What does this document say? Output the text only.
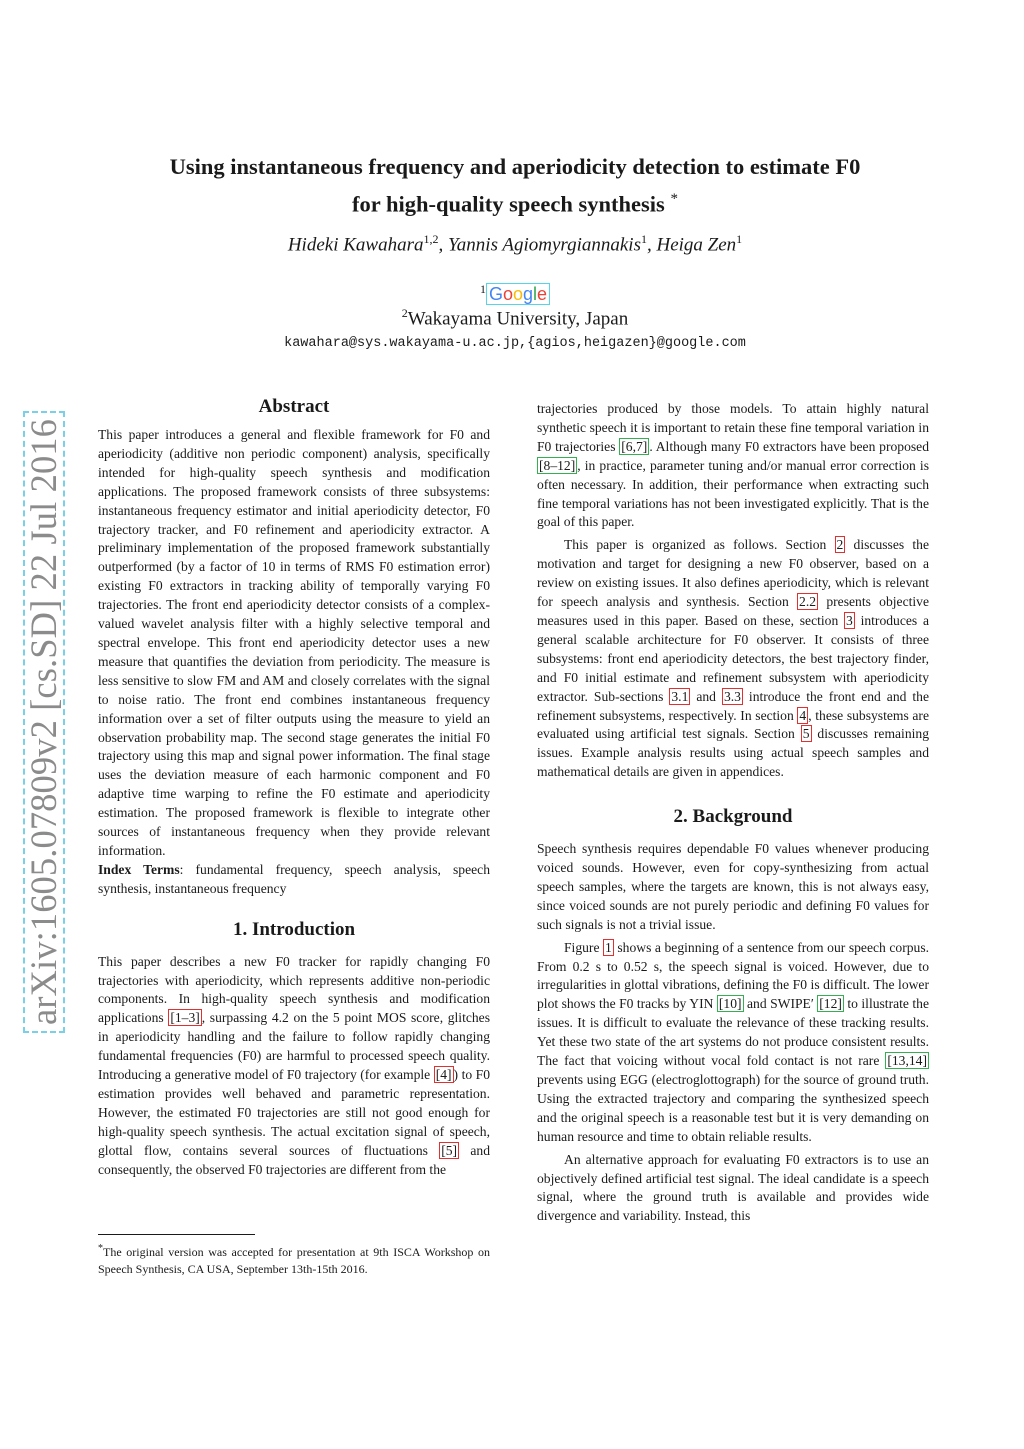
arXiv:1605.07809v2 [cs.SD] 22 Jul 2016
Using instantaneous frequency and aperiodicity detection to estimate F0
for high-quality speech synthesis *
Hideki Kawahara$^{1,2}$, Yannis Agiomyrgiannakis$^1$, Heiga Zen$^1$
$^1$ Google
$^2$Wakayama University, Japan
kawahara@sys.wakayama-u.ac.jp,{agios,heigazen}@google.com
Abstract

This paper introduces a general and flexible framework for F0 and aperiodicity (additive non periodic component) analysis, specifically intended for high-quality speech synthesis and modification applications. The proposed framework consists of three subsystems: instantaneous frequency estimator and initial aperiodicity detector, F0 trajectory tracker, and F0 refinement and aperiodicity extractor. A preliminary implementation of the proposed framework substantially outperformed (by a factor of 10 in terms of RMS F0 estimation error) existing F0 extractors in tracking ability of temporally varying F0 trajectories. The front end aperiodicity detector consists of a complex-valued wavelet analysis filter with a highly selective temporal and spectral envelope. This front end aperiodicity detector uses a new measure that quantifies the deviation from periodicity. The measure is less sensitive to slow FM and AM and closely correlates with the signal to noise ratio. The front end combines instantaneous frequency information over a set of filter outputs using the measure to yield an observation probability map. The second stage generates the initial F0 trajectory using this map and signal power information. The final stage uses the deviation measure of each harmonic component and F0 adaptive time warping to refine the F0 estimate and aperiodicity estimation. The proposed framework is flexible to integrate other sources of instantaneous frequency when they provide relevant information.

Index Terms: fundamental frequency, speech analysis, speech synthesis, instantaneous frequency

1. Introduction

This paper describes a new F0 tracker for rapidly changing F0 trajectories with aperiodicity, which represents additive non-periodic components. In high-quality speech synthesis and modification applications [1–3] , surpassing 4.2 on the 5 point MOS score, glitches in aperiodicity handling and the failure to follow rapidly changing fundamental frequencies (F0) are harmful to processed speech quality. Introducing a generative model of F0 trajectory (for example [4] ) to F0 estimation provides well behaved and parametric representation. However, the estimated F0 trajectories are still not good enough for high-quality speech synthesis. The actual excitation signal of speech, glottal flow, contains several sources of fluctuations [5] and consequently, the observed F0 trajectories are different from the

trajectories produced by those models. To attain highly natural synthetic speech it is important to retain these fine temporal variation in F0 trajectories [6,7] . Although many F0 extractors have been proposed [8–12] , in practice, parameter tuning and/or manual error correction is often necessary. In addition, their performance when extracting such fine temporal variations has not been investigated explicitly. That is the goal of this paper.

This paper is organized as follows. Section 2 discusses the motivation and target for designing a new F0 observer, based on a review on existing issues. It also defines aperiodicity, which is relevant for speech analysis and synthesis. Section 2.2 presents objective measures used in this paper. Based on these, section 3 introduces a general scalable architecture for F0 observer. It consists of three subsystems: front end aperiodicity detectors, the best trajectory finder, and F0 initial estimate and refinement subsystem with aperiodicity extractor. Sub-sections 3.1 and 3.3 introduce the front end and the refinement subsystems, respectively. In section 4 , these subsystems are evaluated using artificial test signals. Section 5 discusses remaining issues. Example analysis results using actual speech samples and mathematical details are given in appendices.

2. Background

Speech synthesis requires dependable F0 values whenever producing voiced sounds. However, even for copy-synthesizing from actual speech samples, where the targets are known, this is not always easy, since voiced sounds are not purely periodic and defining F0 values for such signals is not a trivial issue.

Figure 1 shows a beginning of a sentence from our speech corpus. From 0.2 s to 0.52 s, the speech signal is voiced. However, due to irregularities in glottal vibrations, defining the F0 is difficult. The lower plot shows the F0 tracks by YIN [10] and SWIPE′ [12] to illustrate the issues. It is difficult to evaluate the relevance of these tracking results. Yet these two state of the art systems do not produce consistent results. The fact that voicing without vocal fold contact is not rare [13,14] prevents using EGG (electroglottograph) for the source of ground truth. Using the extracted trajectory and comparing the synthesized speech and the original speech is a reasonable test but it is very demanding on human resource and time to obtain reliable results.

An alternative approach for evaluating F0 extractors is to use an objectively defined artificial test signal. The ideal candidate is a speech signal, where the ground truth is available and provides wide divergence and variability. Instead, this

*The original version was accepted for presentation at 9th ISCA Workshop on Speech Synthesis, CA USA, September 13th-15th 2016.
